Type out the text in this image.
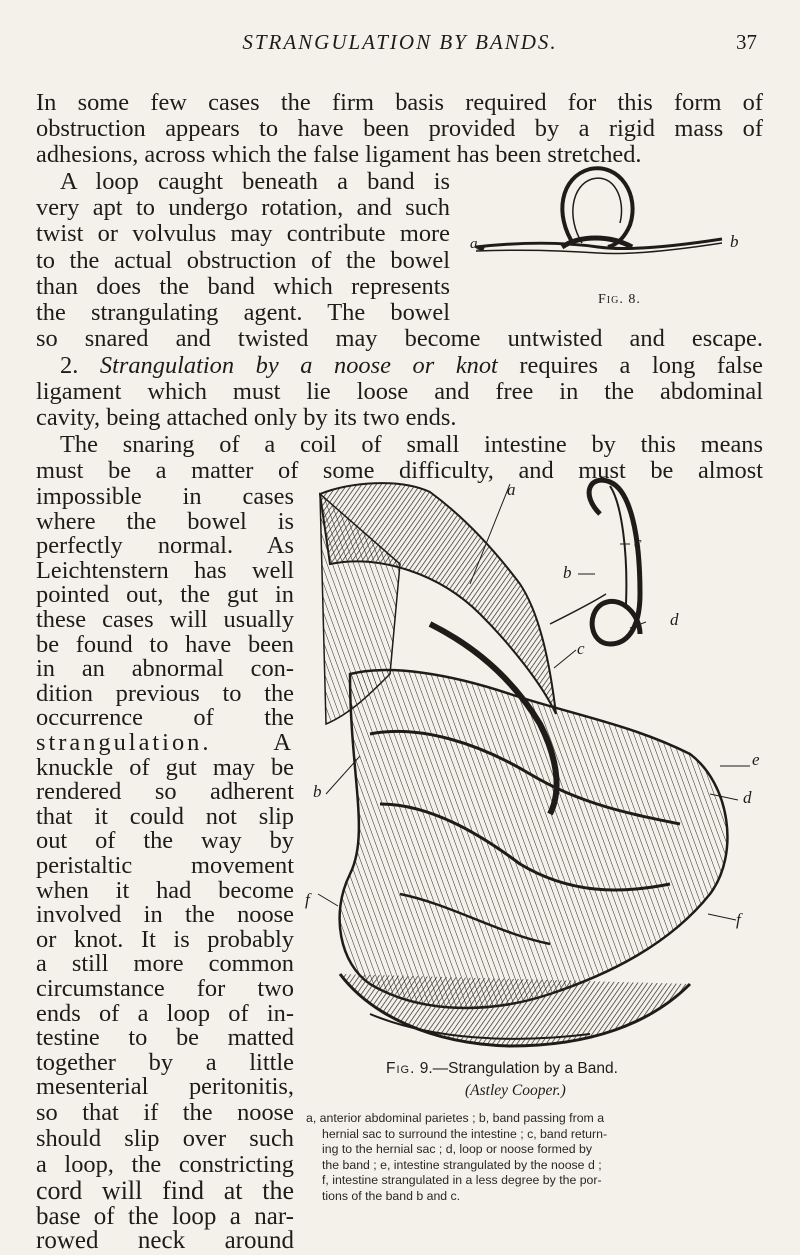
STRANGULATION BY BANDS.	37
In some few cases the firm basis required for this form of
obstruction appears to have been provided by a rigid mass of
adhesions, across which the false ligament has been stretched.
A loop caught beneath a band is
very apt to undergo rotation, and such
twist or volvulus may contribute more
to the actual obstruction of the bowel
than does the band which represents
the strangulating agent. The bowel
so snared and twisted may become untwisted and escape.
2. Strangulation by a noose or knot requires a long false
ligament which must lie loose and free in the abdominal
cavity, being attached only by its two ends.
The snaring of a coil of small intestine by this means
must be a matter of some difficulty, and must be almost
impossible in cases
where the bowel is
perfectly normal. As
Leichtenstern has well
pointed out, the gut in
these cases will usually
be found to have been
in an abnormal con-
dition previous to the
occurrence of the
strangulation. A
knuckle of gut may be
rendered so adherent
that it could not slip
out of the way by
peristaltic movement
when it had become
involved in the noose
or knot. It is probably
a still more common
circumstance for two
ends of a loop of in-
testine to be matted
together by a little
mesenterial peritonitis,
so that if the noose
should slip over such
a loop, the constricting
cord will find at the
a	b
Fig. 8.
a
b
c
d
c
e
b	d
f
f
Fig. 9.—Strangulation by a Band.
(Astley Cooper.)
a, anterior abdominal parietes ; b, band passing from a
hernial sac to surround the intestine ; c, band return-
ing to the hernial sac ; d, loop or noose formed by
the band ; e, intestine strangulated by the noose d ;
f, intestine strangulated in a less degree by the por-
tions of the band b and c.
base of the loop a nar-
rowed neck around
